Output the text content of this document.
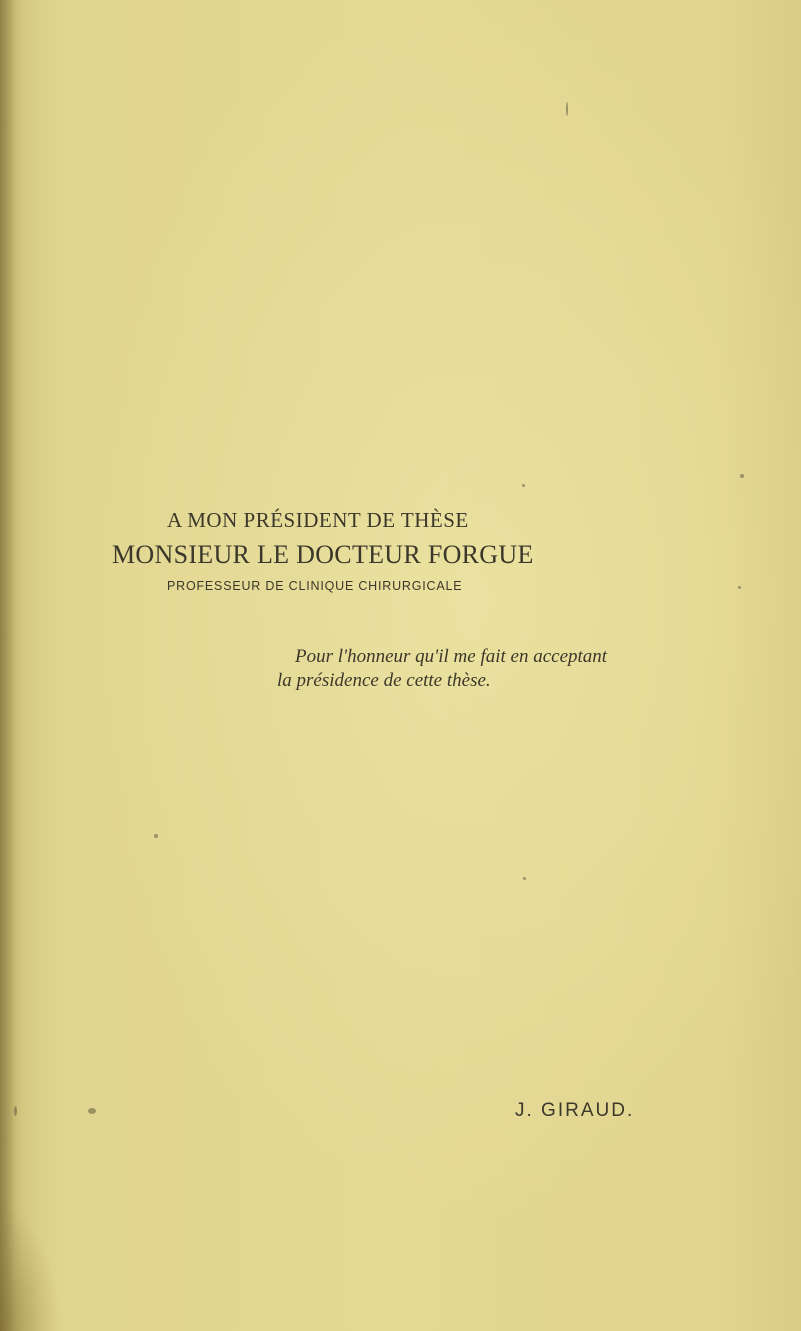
A MON PRÉSIDENT DE THÈSE
MONSIEUR LE DOCTEUR FORGUE
PROFESSEUR DE CLINIQUE CHIRURGICALE
Pour l'honneur qu'il me fait en acceptant
la présidence de cette thèse.
J. GIRAUD.
